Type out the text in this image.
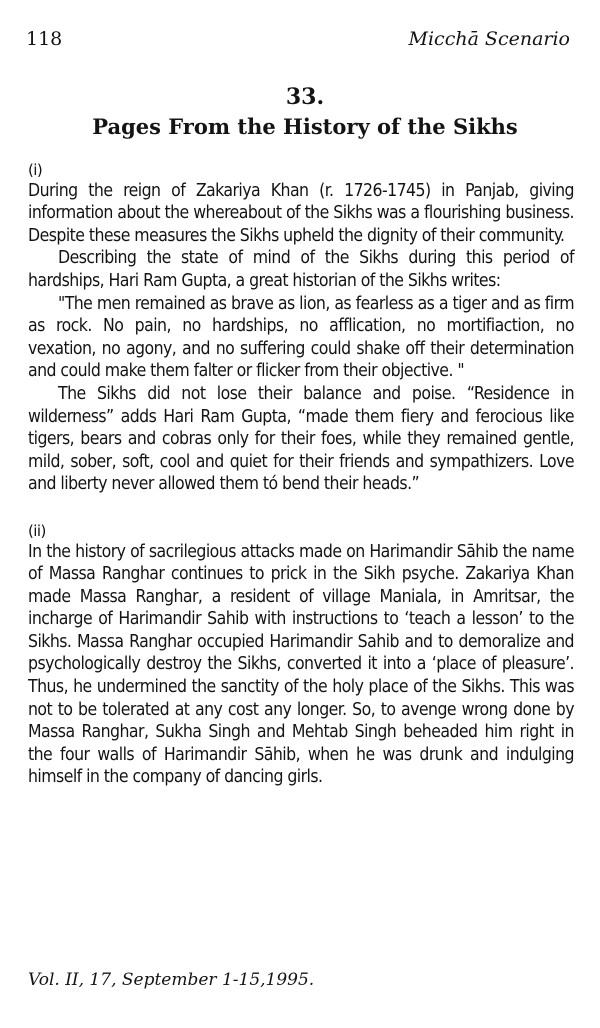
118	Micchā Scenario
33.
Pages From the History of the Sikhs
(i)

During the reign of Zakariya Khan (r. 1726-1745) in Panjab, giving information about the whereabout of the Sikhs was a flourishing business. Despite these measures the Sikhs upheld the dignity of their community.

Describing the state of mind of the Sikhs during this period of hardships, Hari Ram Gupta, a great historian of the Sikhs writes:

"The men remained as brave as lion, as fearless as a tiger and as firm as rock. No pain, no hardships, no afflication, no mortifiaction, no vexation, no agony, and no suffering could shake off their determination and could make them falter or flicker from their objective. "

The Sikhs did not lose their balance and poise. “Residence in wilderness” adds Hari Ram Gupta, “made them fiery and ferocious like tigers, bears and cobras only for their foes, while they remained gentle, mild, sober, soft, cool and quiet for their friends and sympathizers. Love and liberty never allowed them tó bend their heads.”

(ii)

In the history of sacrilegious attacks made on Harimandir Sāhib the name of Massa Ranghar continues to prick in the Sikh psyche. Zakariya Khan made Massa Ranghar, a resident of village Maniala, in Amritsar, the incharge of Harimandir Sahib with instructions to ‘teach a lesson’ to the Sikhs. Massa Ranghar occupied Harimandir Sahib and to demoralize and psychologically destroy the Sikhs, converted it into a ‘place of pleasure’. Thus, he undermined the sanctity of the holy place of the Sikhs. This was not to be tolerated at any cost any longer. So, to avenge wrong done by Massa Ranghar, Sukha Singh and Mehtab Singh beheaded him right in the four walls of Harimandir Sāhib, when he was drunk and indulging himself in the company of dancing girls.

Vol. II, 17, September 1-15,1995.
